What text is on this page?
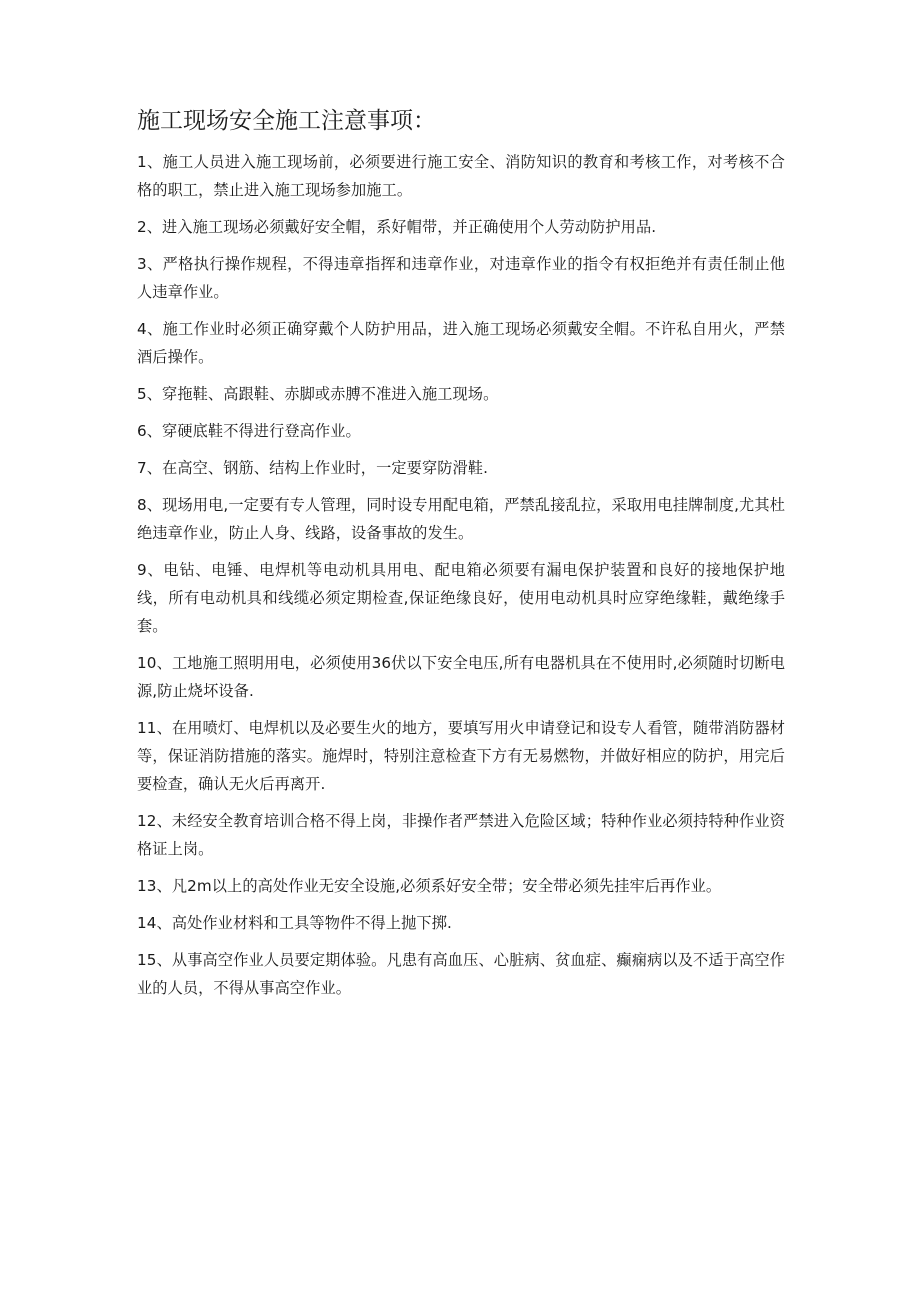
施工现场安全施工注意事项：
1、施工人员进入施工现场前，必须要进行施工安全、消防知识的教育和考核工作，对考核不合格的职工，禁止进入施工现场参加施工。
2、进入施工现场必须戴好安全帽，系好帽带，并正确使用个人劳动防护用品.
3、严格执行操作规程，不得违章指挥和违章作业，对违章作业的指令有权拒绝并有责任制止他人违章作业。
4、施工作业时必须正确穿戴个人防护用品，进入施工现场必须戴安全帽。不许私自用火，严禁酒后操作。
5、穿拖鞋、高跟鞋、赤脚或赤膊不准进入施工现场。
6、穿硬底鞋不得进行登高作业。
7、在高空、钢筋、结构上作业时，一定要穿防滑鞋.
8、现场用电,一定要有专人管理，同时设专用配电箱，严禁乱接乱拉，采取用电挂牌制度,尤其杜绝违章作业，防止人身、线路，设备事故的发生。
9、电钻、电锤、电焊机等电动机具用电、配电箱必须要有漏电保护装置和良好的接地保护地线，所有电动机具和线缆必须定期检查,保证绝缘良好，使用电动机具时应穿绝缘鞋，戴绝缘手套。
10、工地施工照明用电，必须使用36伏以下安全电压,所有电器机具在不使用时,必须随时切断电源,防止烧坏设备.
11、在用喷灯、电焊机以及必要生火的地方，要填写用火申请登记和设专人看管，随带消防器材等，保证消防措施的落实。施焊时，特别注意检查下方有无易燃物，并做好相应的防护，用完后要检查，确认无火后再离开.
12、未经安全教育培训合格不得上岗，非操作者严禁进入危险区域；特种作业必须持特种作业资格证上岗。
13、凡2m以上的高处作业无安全设施,必须系好安全带；安全带必须先挂牢后再作业。
14、高处作业材料和工具等物件不得上抛下掷.
15、从事高空作业人员要定期体验。凡患有高血压、心脏病、贫血症、癫痫病以及不适于高空作业的人员，不得从事高空作业。
